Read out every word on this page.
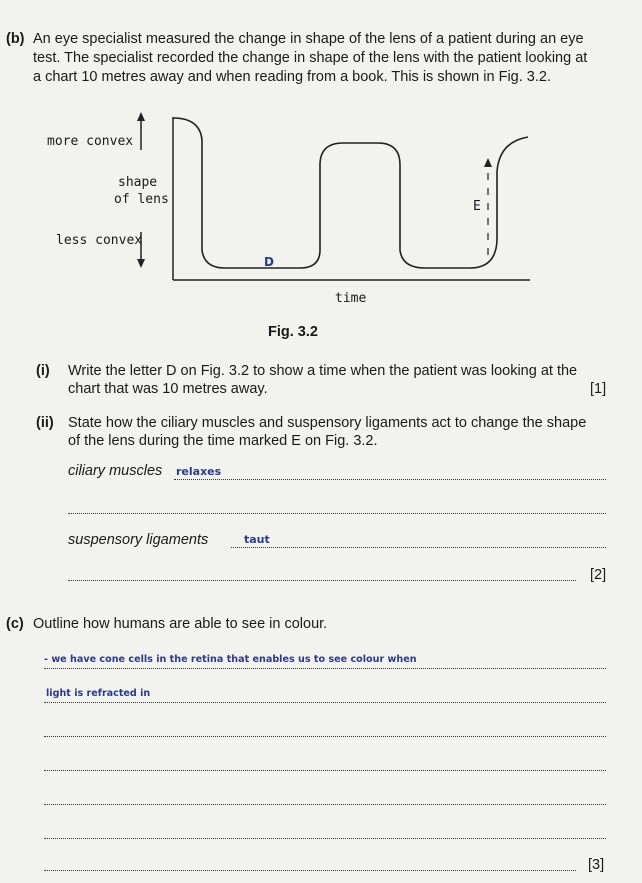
(b) An eye specialist measured the change in shape of the lens of a patient during an eye
test. The specialist recorded the change in shape of the lens with the patient looking at
a chart 10 metres away and when reading from a book. This is shown in Fig. 3.2.
more convex
shape
of lens
less convex
time
E
D
Fig. 3.2
(i) Write the letter D on Fig. 3.2 to show a time when the patient was looking at the
chart that was 10 metres away.	[1]
(ii) State how the ciliary muscles and suspensory ligaments act to change the shape
of the lens during the time marked E on Fig. 3.2.
ciliary muscles relaxes
suspensory ligaments	taut
[2]
(c) Outline how humans are able to see in colour.
- we have cone cells in the retina that enables us to see colour when
light is refracted in
[3]
